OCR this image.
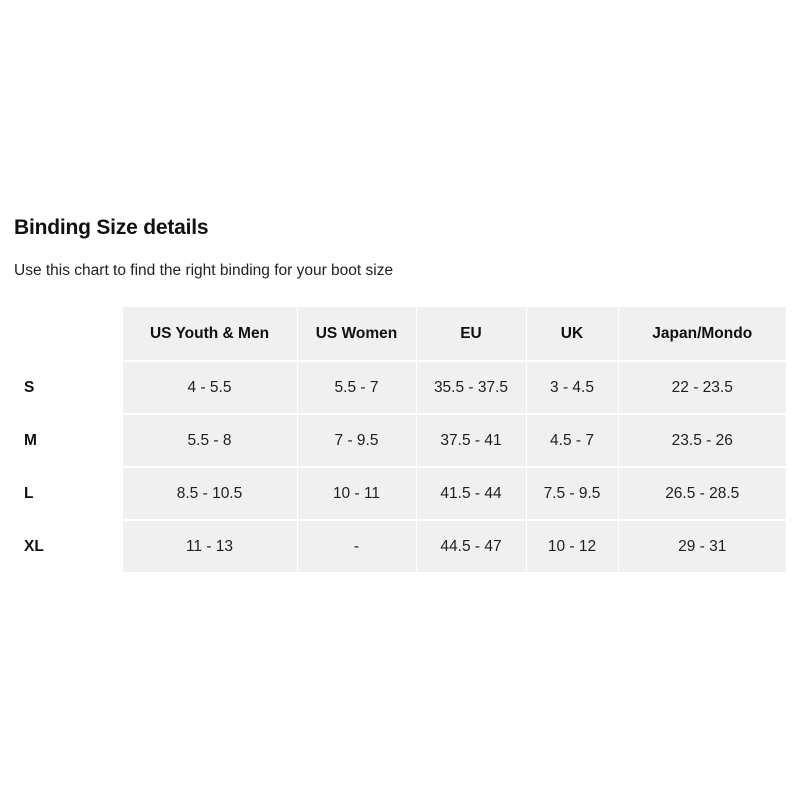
Binding Size details

Use this chart to find the right binding for your boot size

	US Youth & Men	US Women	EU	UK	Japan/Mondo
S	4 - 5.5	5.5 - 7	35.5 - 37.5	3 - 4.5	22 - 23.5
M	5.5 - 8	7 - 9.5	37.5 - 41	4.5 - 7	23.5 - 26
L	8.5 - 10.5	10 - 11	41.5 - 44	7.5 - 9.5	26.5 - 28.5
XL	11 - 13	-	44.5 - 47	10 - 12	29 - 31
